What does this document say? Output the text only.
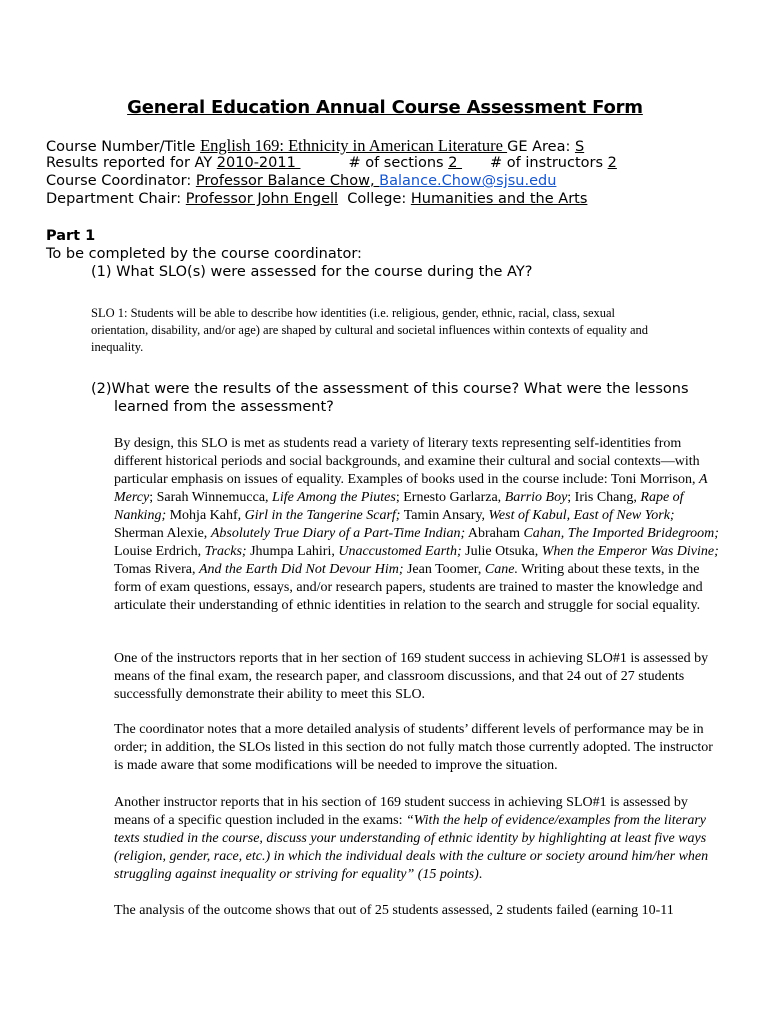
General Education Annual Course Assessment Form
Course Number/Title English 169: Ethnicity in American Literature GE Area: S
Results reported for AY 2010-2011	# of sections 2 # of instructors 2
Course Coordinator: Professor Balance Chow, Balance.Chow@sjsu.edu
Department Chair: Professor John Engell College: Humanities and the Arts
Part 1
To be completed by the course coordinator:
(1) What SLO(s) were assessed for the course during the AY?
SLO 1: Students will be able to describe how identities (i.e. religious, gender, ethnic, racial, class, sexual
orientation, disability, and/or age) are shaped by cultural and societal influences within contexts of equality and
inequality.
(2)What were the results of the assessment of this course? What were the lessons
learned from the assessment?

By design, this SLO is met as students read a variety of literary texts representing self-identities from different historical periods and social backgrounds, and examine their cultural and social contexts—with particular emphasis on issues of equality. Examples of books used in the course include: Toni Morrison, A Mercy; Sarah Winnemucca, Life Among the Piutes; Ernesto Garlarza, Barrio Boy; Iris Chang, Rape of Nanking; Mohja Kahf, Girl in the Tangerine Scarf; Tamin Ansary, West of Kabul, East of New York; Sherman Alexie, Absolutely True Diary of a Part-Time Indian; Abraham Cahan, The Imported Bridegroom; Louise Erdrich, Tracks; Jhumpa Lahiri, Unaccustomed Earth; Julie Otsuka, When the Emperor Was Divine; Tomas Rivera, And the Earth Did Not Devour Him; Jean Toomer, Cane. Writing about these texts, in the form of exam questions, essays, and/or research papers, students are trained to master the knowledge and articulate their understanding of ethnic identities in relation to the search and struggle for social equality.

One of the instructors reports that in her section of 169 student success in achieving SLO#1 is assessed by means of the final exam, the research paper, and classroom discussions, and that 24 out of 27 students successfully demonstrate their ability to meet this SLO.

The coordinator notes that a more detailed analysis of students’ different levels of performance may be in order; in addition, the SLOs listed in this section do not fully match those currently adopted. The instructor is made aware that some modifications will be needed to improve the situation.

Another instructor reports that in his section of 169 student success in achieving SLO#1 is assessed by means of a specific question included in the exams: “With the help of evidence/examples from the literary texts studied in the course, discuss your understanding of ethnic identity by highlighting at least five ways (religion, gender, race, etc.) in which the individual deals with the culture or society around him/her when struggling against inequality or striving for equality” (15 points).

The analysis of the outcome shows that out of 25 students assessed, 2 students failed (earning 10-11
